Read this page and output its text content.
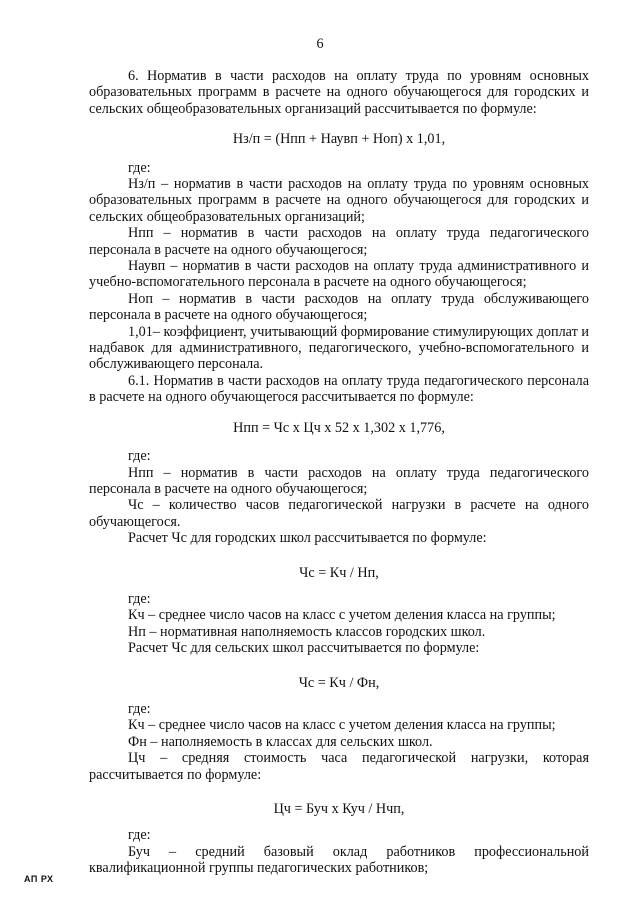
6

6. Норматив в части расходов на оплату труда по уровням основных образовательных программ в расчете на одного обучающегося для городских и сельских общеобразовательных организаций рассчитывается по формуле:

Нз/п = (Нпп + Наувп + Нoп) х 1,01,

где:

Нз/п – норматив в части расходов на оплату труда по уровням основных образовательных программ в расчете на одного обучающегося для городских и сельских общеобразовательных организаций;

Нпп – норматив в части расходов на оплату труда педагогического персонала в расчете на одного обучающегося;

Наувп – норматив в части расходов на оплату труда административного и учебно-вспомогательного персонала в расчете на одного обучающегося;

Ноп – норматив в части расходов на оплату труда обслуживающего персонала в расчете на одного обучающегося;

1,01– коэффициент, учитывающий формирование стимулирующих доплат и надбавок для административного, педагогического, учебно-вспомогательного и обслуживающего персонала.

6.1. Норматив в части расходов на оплату труда педагогического персонала в расчете на одного обучающегося рассчитывается по формуле:

Нпп = Чс х Цч х 52 х 1,302 х 1,776,

где:

Нпп – норматив в части расходов на оплату труда педагогического персонала в расчете на одного обучающегося;

Чс – количество часов педагогической нагрузки в расчете на одного обучающегося.

Расчет Чс для городских школ рассчитывается по формуле:

Чс = Кч / Нп,

где:

Кч – среднее число часов на класс с учетом деления класса на группы;

Нп – нормативная наполняемость классов городских школ.

Расчет Чс для сельских школ рассчитывается по формуле:

Чс = Кч / Фн,

где:

Кч – среднее число часов на класс с учетом деления класса на группы;

Фн – наполняемость в классах для сельских школ.

Цч – средняя стоимость часа педагогической нагрузки, которая рассчитывается по формуле:

Цч = Буч х Куч / Нчп,

где:

Буч – средний базовый оклад работников профессиональной квалификационной группы педагогических работников;

АП РХ
